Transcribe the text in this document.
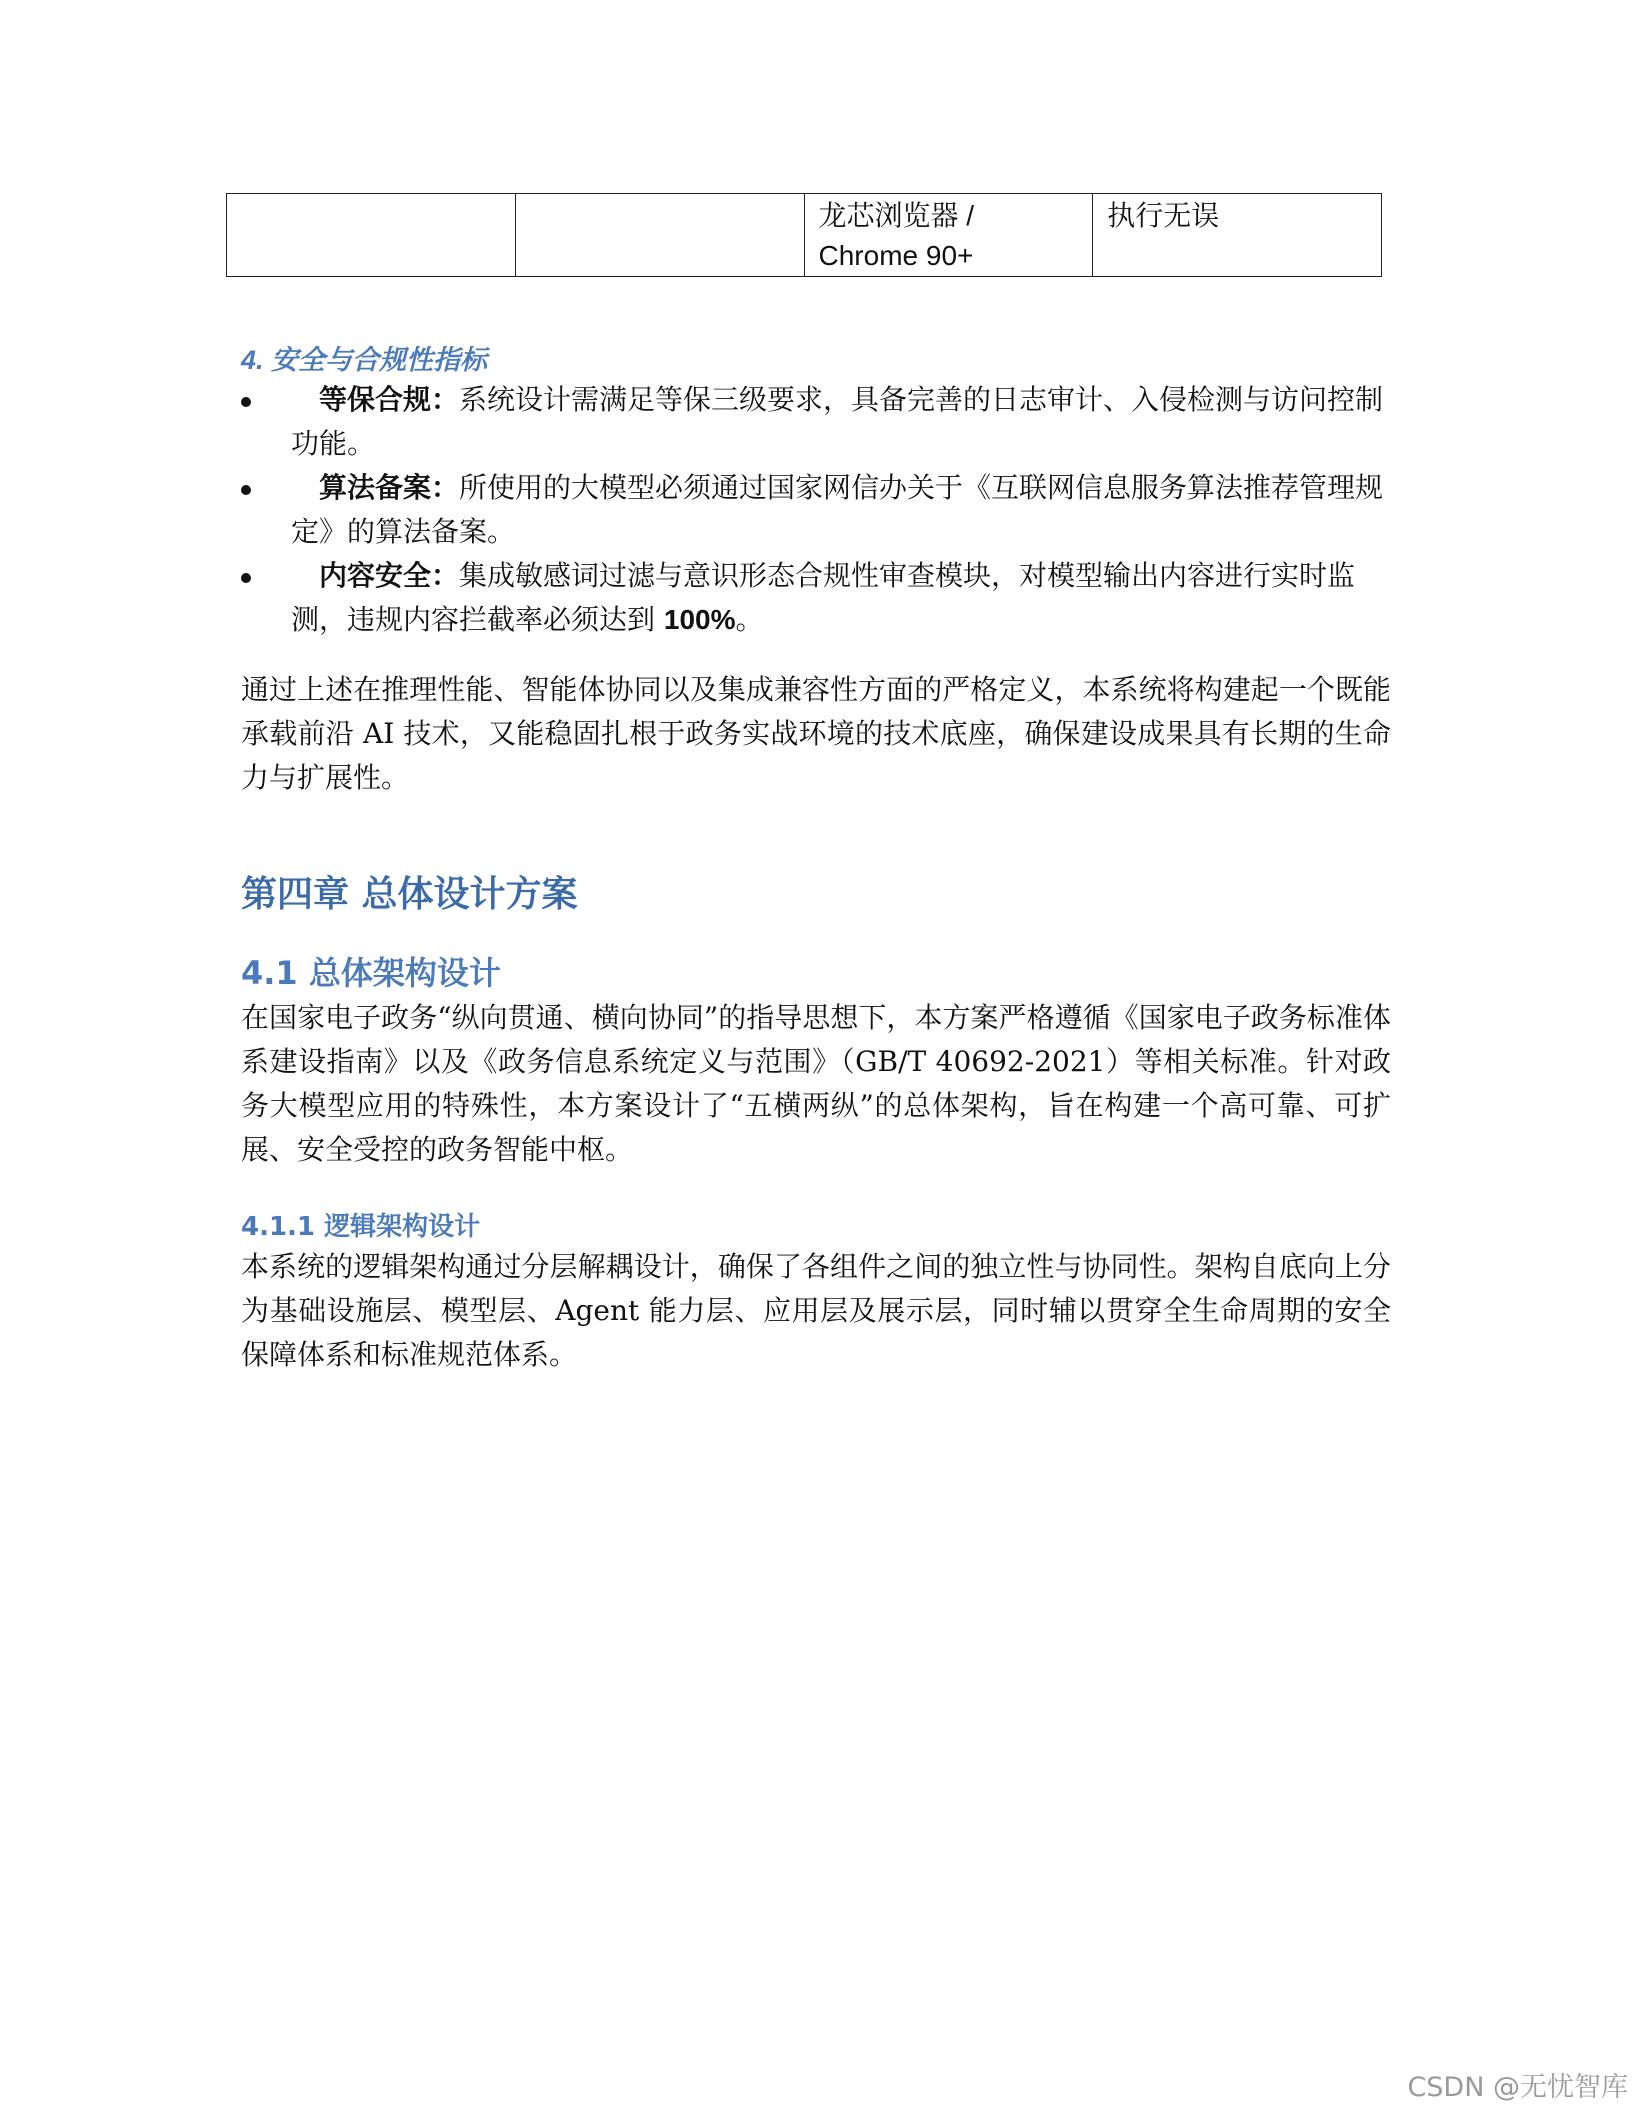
		龙芯浏览器 / Chrome 90+	执行无误
4. 安全与合规性指标
等保合规：系统设计需满足等保三级要求，具备完善的日志审计、入侵检测与访问控制功能。
算法备案：所使用的大模型必须通过国家网信办关于《互联网信息服务算法推荐管理规定》的算法备案。
内容安全：集成敏感词过滤与意识形态合规性审查模块，对模型输出内容进行实时监测，违规内容拦截率必须达到 100%。

通过上述在推理性能、智能体协同以及集成兼容性方面的严格定义，本系统将构建起一个既能承载前沿 AI 技术，又能稳固扎根于政务实战环境的技术底座，确保建设成果具有长期的生命力与扩展性。

第四章 总体设计方案
4.1 总体架构设计

在国家电子政务“纵向贯通、横向协同”的指导思想下，本方案严格遵循《国家电子政务标准体系建设指南》以及《政务信息系统定义与范围》（GB/T 40692-2021）等相关标准。针对政务大模型应用的特殊性，本方案设计了“五横两纵”的总体架构，旨在构建一个高可靠、可扩展、安全受控的政务智能中枢。

4.1.1 逻辑架构设计

本系统的逻辑架构通过分层解耦设计，确保了各组件之间的独立性与协同性。架构自底向上分为基础设施层、模型层、Agent 能力层、应用层及展示层，同时辅以贯穿全生命周期的安全保障体系和标准规范体系。

CSDN @无忧智库
